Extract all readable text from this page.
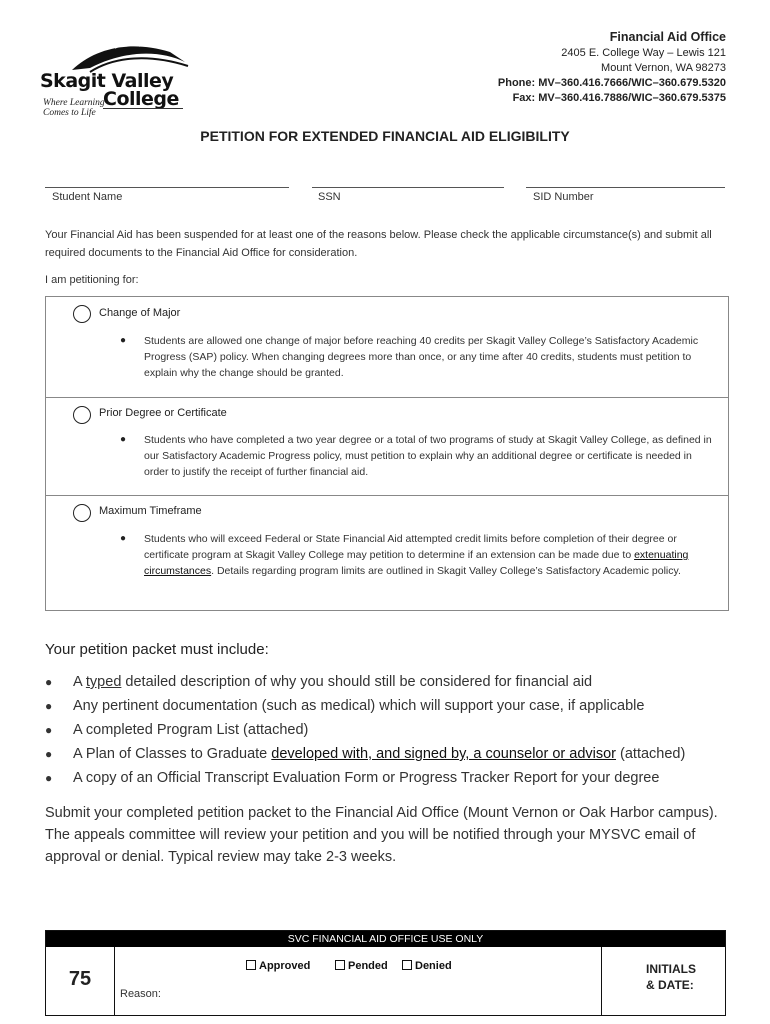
Skagit Valley
College
Where Learning
Comes to Life
Financial Aid Office
2405 E. College Way – Lewis 121
Mount Vernon, WA 98273
Phone: MV–360.416.7666/WIC–360.679.5320
Fax: MV–360.416.7886/WIC–360.679.5375
PETITION FOR EXTENDED FINANCIAL AID ELIGIBILITY
Student Name	SSN	SID Number
Your Financial Aid has been suspended for at least one of the reasons below. Please check the applicable circumstance(s) and submit all required documents to the Financial Aid Office for consideration.
I am petitioning for:
Change of Major
● Students are allowed one change of major before reaching 40 credits per Skagit Valley College’s Satisfactory Academic Progress (SAP) policy. When changing degrees more than once, or any time after 40 credits, students must petition to explain why the change should be granted.
Prior Degree or Certificate
● Students who have completed a two year degree or a total of two programs of study at Skagit Valley College, as defined in our Satisfactory Academic Progress policy, must petition to explain why an additional degree or certificate is needed in order to justify the receipt of further financial aid.
Maximum Timeframe
● Students who will exceed Federal or State Financial Aid attempted credit limits before completion of their degree or certificate program at Skagit Valley College may petition to determine if an extension can be made due to extenuating circumstances. Details regarding program limits are outlined in Skagit Valley College’s Satisfactory Academic policy.
Your petition packet must include:
● A typed detailed description of why you should still be considered for financial aid
● Any pertinent documentation (such as medical) which will support your case, if applicable
● A completed Program List (attached)
● A Plan of Classes to Graduate developed with, and signed by, a counselor or advisor (attached)
● A copy of an Official Transcript Evaluation Form or Progress Tracker Report for your degree
Submit your completed petition packet to the Financial Aid Office (Mount Vernon or Oak Harbor campus). The appeals committee will review your petition and you will be notified through your MYSVC email of approval or denial. Typical review may take 2-3 weeks.
SVC FINANCIAL AID OFFICE USE ONLY
75
Approved	Pended	Denied
Reason:
INITIALS
& DATE:
